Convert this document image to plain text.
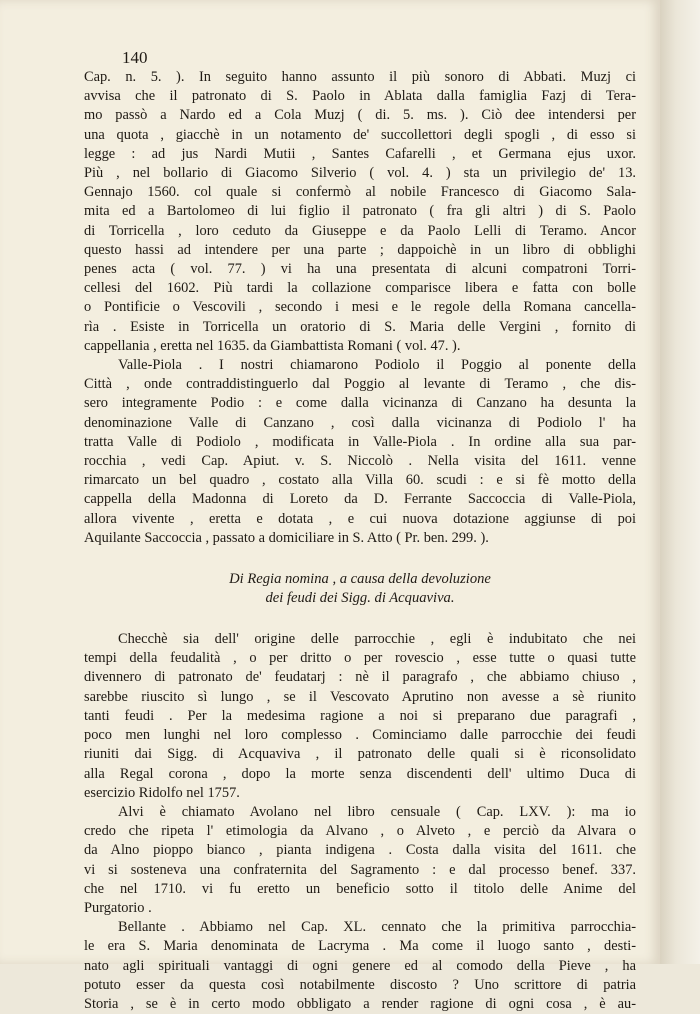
140

Cap. n. 5. ). In seguito hanno assunto il più sonoro di Abbati. Muzj ci

avvisa che il patronato di S. Paolo in Ablata dalla famiglia Fazj di Tera-

mo passò a Nardo ed a Cola Muzj ( di. 5. ms. ). Ciò dee intendersi per

una quota , giacchè in un notamento de' succollettori degli spogli , di esso si

legge : ad jus Nardi Mutii , Santes Cafarelli , et Germana ejus uxor.

Più , nel bollario di Giacomo Silverio ( vol. 4. ) sta un privilegio de' 13.

Gennajo 1560. col quale si confermò al nobile Francesco di Giacomo Sala-

mita ed a Bartolomeo di lui figlio il patronato ( fra gli altri ) di S. Paolo

di Torricella , loro ceduto da Giuseppe e da Paolo Lelli di Teramo. Ancor

questo hassi ad intendere per una parte ; dappoichè in un libro di obblighi

penes acta ( vol. 77. ) vi ha una presentata di alcuni compatroni Torri-

cellesi del 1602. Più tardi la collazione comparisce libera e fatta con bolle

o Pontificie o Vescovili , secondo i mesi e le regole della Romana cancella-

rìa . Esiste in Torricella un oratorio di S. Maria delle Vergini , fornito di

cappellania , eretta nel 1635. da Giambattista Romani ( vol. 47. ).

Valle-Piola . I nostri chiamarono Podiolo il Poggio al ponente della

Città , onde contraddistinguerlo dal Poggio al levante di Teramo , che dis-

sero integramente Podio : e come dalla vicinanza di Canzano ha desunta la

denominazione Valle di Canzano , così dalla vicinanza di Podiolo l' ha

tratta Valle di Podiolo , modificata in Valle-Piola . In ordine alla sua par-

rocchia , vedi Cap. Apiut. v. S. Niccolò . Nella visita del 1611. venne

rimarcato un bel quadro , costato alla Villa 60. scudi : e si fè motto della

cappella della Madonna di Loreto da D. Ferrante Saccoccia di Valle-Piola,

allora vivente , eretta e dotata , e cui nuova dotazione aggiunse di poi

Aquilante Saccoccia , passato a domiciliare in S. Atto ( Pr. ben. 299. ).

Di Regia nomina , a causa della devoluzione
dei feudi dei Sigg. di Acquaviva.

Checchè sia dell' origine delle parrocchie , egli è indubitato che nei

tempi della feudalità , o per dritto o per rovescio , esse tutte o quasi tutte

divennero di patronato de' feudatarj : nè il paragrafo , che abbiamo chiuso ,

sarebbe riuscito sì lungo , se il Vescovato Aprutino non avesse a sè riunito

tanti feudi . Per la medesima ragione a noi si preparano due paragrafi ,

poco men lunghi nel loro complesso . Cominciamo dalle parrocchie dei feudi

riuniti dai Sigg. di Acquaviva , il patronato delle quali si è riconsolidato

alla Regal corona , dopo la morte senza discendenti dell' ultimo Duca di

esercizio Ridolfo nel 1757.

Alvi è chiamato Avolano nel libro censuale ( Cap. LXV. ): ma io

credo che ripeta l' etimologia da Alvano , o Alveto , e perciò da Alvara o

da Alno pioppo bianco , pianta indigena . Costa dalla visita del 1611. che

vi si sosteneva una confraternita del Sagramento : e dal processo benef. 337.

che nel 1710. vi fu eretto un beneficio sotto il titolo delle Anime del

Purgatorio .

Bellante . Abbiamo nel Cap. XL. cennato che la primitiva parrocchia-

le era S. Maria denominata de Lacryma . Ma come il luogo santo , desti-

nato agli spirituali vantaggi di ogni genere ed al comodo della Pieve , ha

potuto esser da questa così notabilmente discosto ? Uno scrittore di patria

Storia , se è in certo modo obbligato a render ragione di ogni cosa , è au-
